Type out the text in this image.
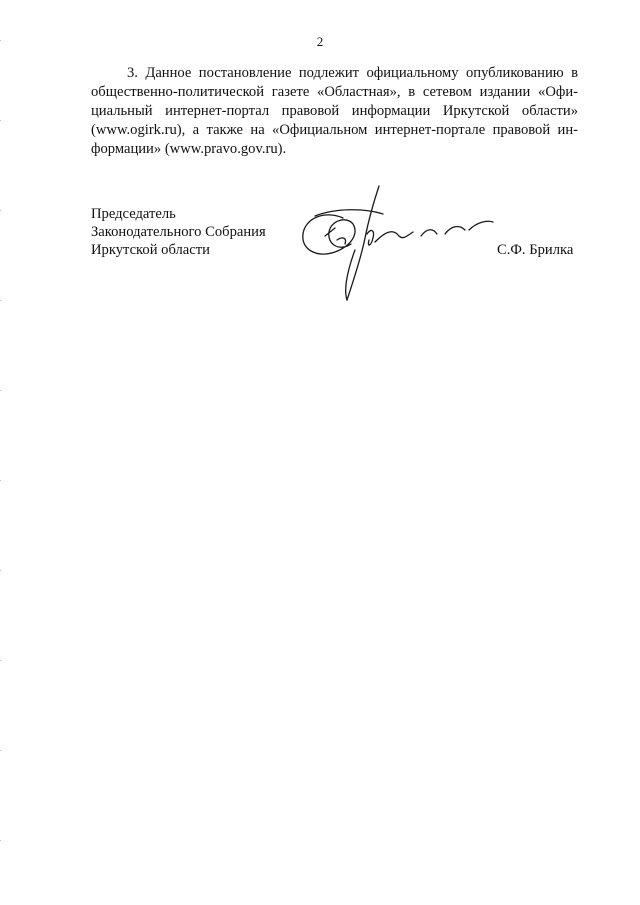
2
3. Данное постановление подлежит официальному опубликованию в
общественно-политической газете «Областная», в сетевом издании «Офи-
циальный интернет-портал правовой информации Иркутской области»
(www.ogirk.ru), а также на «Официальном интернет-портале правовой ин-
формации» (www.pravo.gov.ru).
Председатель
Законодательного Собрания
Иркутской области	С.Ф. Брилка
